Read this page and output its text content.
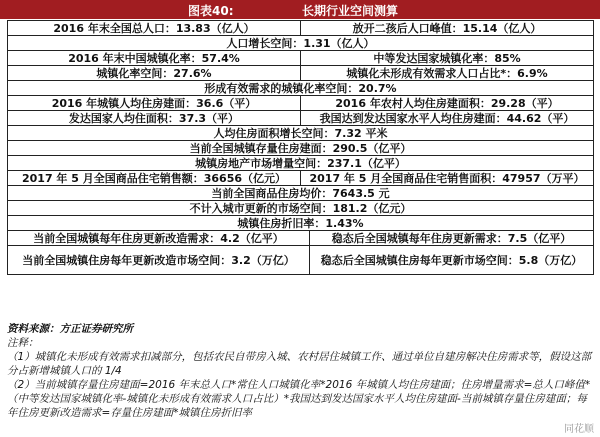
图表40:	长期行业空间测算
2016 年末全国总人口：13.83（亿人）	放开二孩后人口峰值：15.14（亿人）
人口增长空间：1.31（亿人）
2016 年末中国城镇化率：57.4%	中等发达国家城镇化率：85%
城镇化率空间：27.6%	城镇化未形成有效需求人口占比*：6.9%
形成有效需求的城镇化率空间：20.7%
2016 年城镇人均住房建面：36.6（平）	2016 年农村人均住房建面积：29.28（平）
发达国家人均住面积：37.3（平）	我国达到发达国家水平人均住房建面：44.62（平）
人均住房面积增长空间：7.32 平米
当前全国城镇存量住房建面：290.5（亿平）
城镇房地产市场增量空间：237.1（亿平）
2017 年 5 月全国商品住宅销售额：36656（亿元）	2017 年 5 月全国商品住宅销售面积：47957（万平）
当前全国商品住房均价：7643.5 元
不计入城市更新的市场空间：181.2（亿元）
城镇住房折旧率：1.43%
当前全国城镇每年住房更新改造需求：4.2（亿平）	稳态后全国城镇每年住房更新需求：7.5（亿平）
当前全国城镇住房每年更新改造市场空间：3.2（万亿）	稳态后全国城镇住房每年更新市场空间：5.8（万亿）

资料来源：方正证券研究所

注释：

（1）城镇化未形成有效需求扣减部分，包括农民自带房入城、农村居住城镇工作、通过单位自建房解决住房需求等，假设这部分占新增城镇人口的 1/4

（2）当前城镇存量住房建面=2016 年末总人口*常住人口城镇化率*2016 年城镇人均住房建面；住房增量需求=总人口峰值*（中等发达国家城镇化率-城镇化未形成有效需求人口占比）*我国达到发达国家水平人均住房建面-当前城镇存量住房建面；每年住房更新改造需求=存量住房建面*城镇住房折旧率

同花顺
